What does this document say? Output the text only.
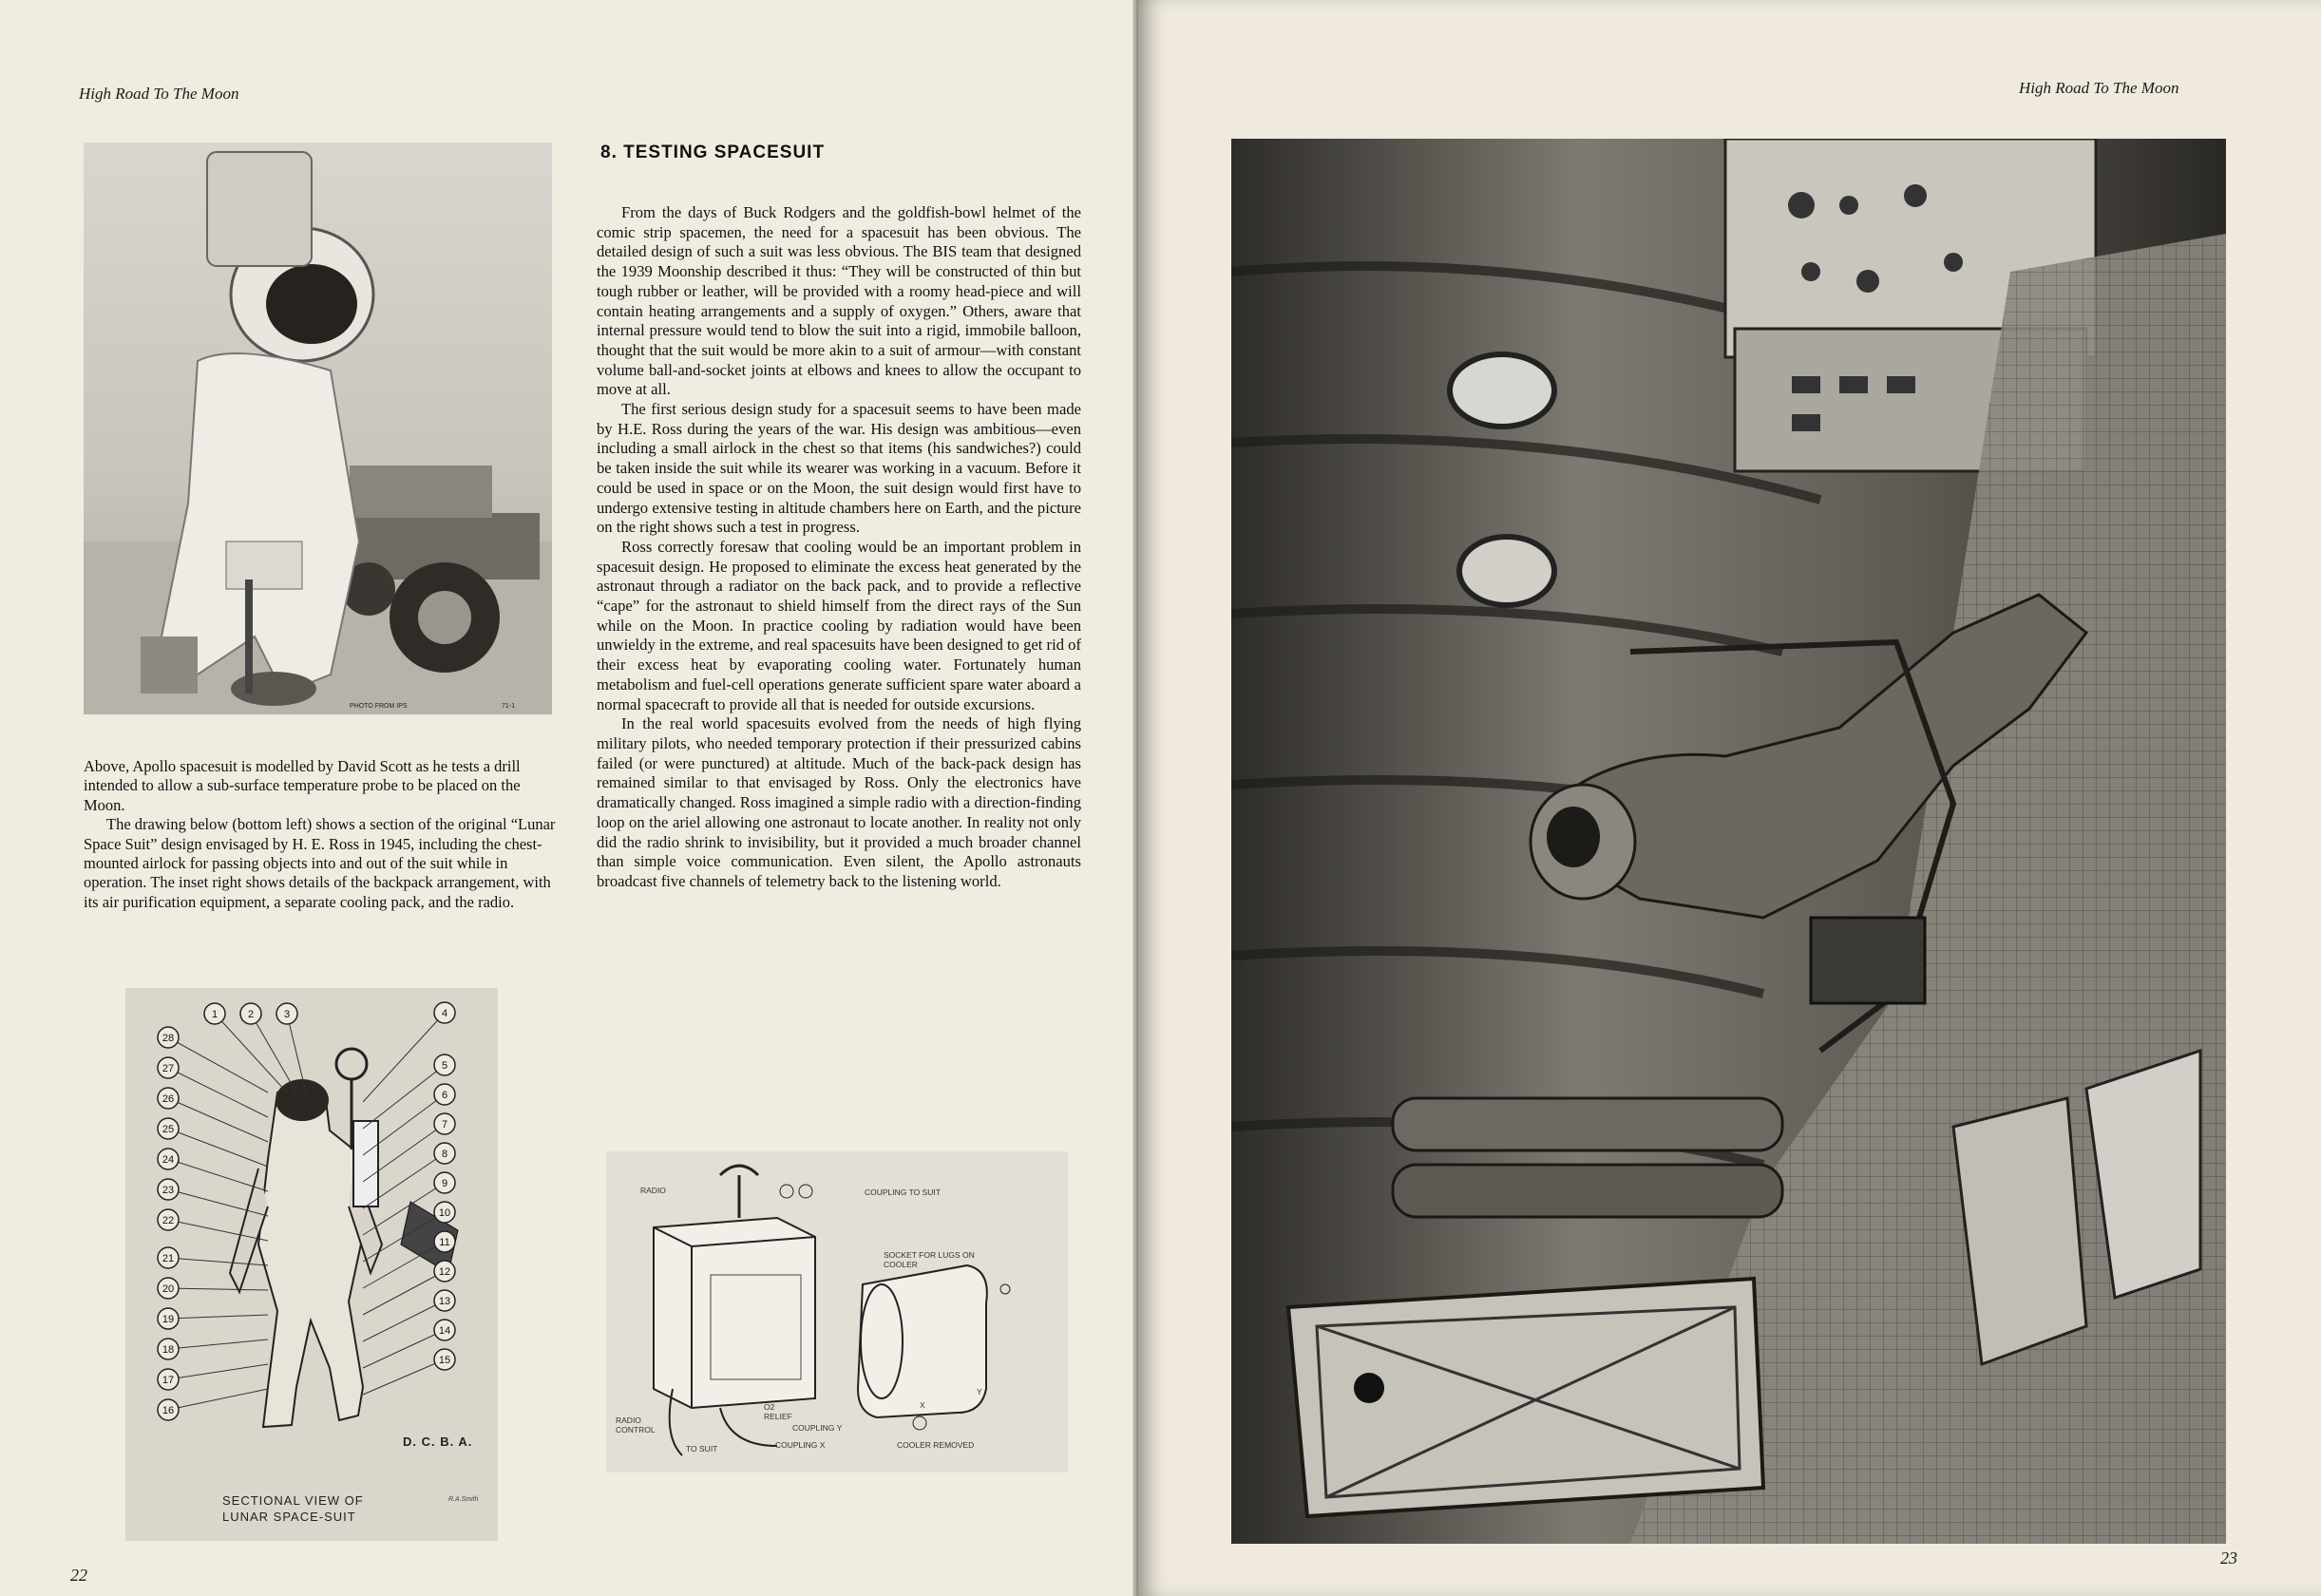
High Road To The Moon
PHOTO FROM IPS	71-1

Above, Apollo spacesuit is modelled by David Scott as he tests a drill intended to allow a sub-surface temperature probe to be placed on the Moon.

The drawing below (bottom left) shows a section of the original “Lunar Space Suit” design envisaged by H. E. Ross in 1945, including the chest-mounted airlock for passing objects into and out of the suit while in operation. The inset right shows details of the backpack arrangement, with its air purification equipment, a separate cooling pack, and the radio.

8. TESTING SPACESUIT

From the days of Buck Rodgers and the goldfish-bowl helmet of the comic strip spacemen, the need for a spacesuit has been obvious. The detailed design of such a suit was less obvious. The BIS team that designed the 1939 Moonship described it thus: “They will be constructed of thin but tough rubber or leather, will be provided with a roomy head-piece and will contain heating arrangements and a supply of oxygen.” Others, aware that internal pressure would tend to blow the suit into a rigid, immobile balloon, thought that the suit would be more akin to a suit of armour—with constant volume ball-and-socket joints at elbows and knees to allow the occupant to move at all.

The first serious design study for a spacesuit seems to have been made by H.E. Ross during the years of the war. His design was ambitious—even including a small airlock in the chest so that items (his sandwiches?) could be taken inside the suit while its wearer was working in a vacuum. Before it could be used in space or on the Moon, the suit design would first have to undergo extensive testing in altitude chambers here on Earth, and the picture on the right shows such a test in progress.

Ross correctly foresaw that cooling would be an important problem in spacesuit design. He proposed to eliminate the excess heat generated by the astronaut through a radiator on the back pack, and to provide a reflective “cape” for the astronaut to shield himself from the direct rays of the Sun while on the Moon. In practice cooling by radiation would have been unwieldy in the extreme, and real spacesuits have been designed to get rid of their excess heat by evaporating cooling water. Fortunately human metabolism and fuel-cell operations generate sufficient spare water aboard a normal spacecraft to provide all that is needed for outside excursions.

In the real world spacesuits evolved from the needs of high flying military pilots, who needed temporary protection if their pressurized cabins failed (or were punctured) at altitude. Much of the back-pack design has remained similar to that envisaged by Ross. Only the electronics have dramatically changed. Ross imagined a simple radio with a direction-finding loop on the ariel allowing one astronaut to locate another. In reality not only did the radio shrink to invisibility, but it provided a much broader channel than simple voice communication. Even silent, the Apollo astronauts broadcast five channels of telemetry back to the listening world.

1	2	3	4
5
6
7
8
9
10
11
12
13
14
15
28
27
26
25
24
23
22
21
20
19
18
17
16
D. C. B. A.
SECTIONAL VIEW OF
LUNAR SPACE-SUIT
R.A.Smith
RADIO	COUPLING TO SUIT
SOCKET FOR LUGS ON COOLER
RADIO CONTROL
TO SUIT
O2 RELIEF
COUPLING Y
COUPLING X	COOLER REMOVED
X
Y
22
High Road To The Moon
23
